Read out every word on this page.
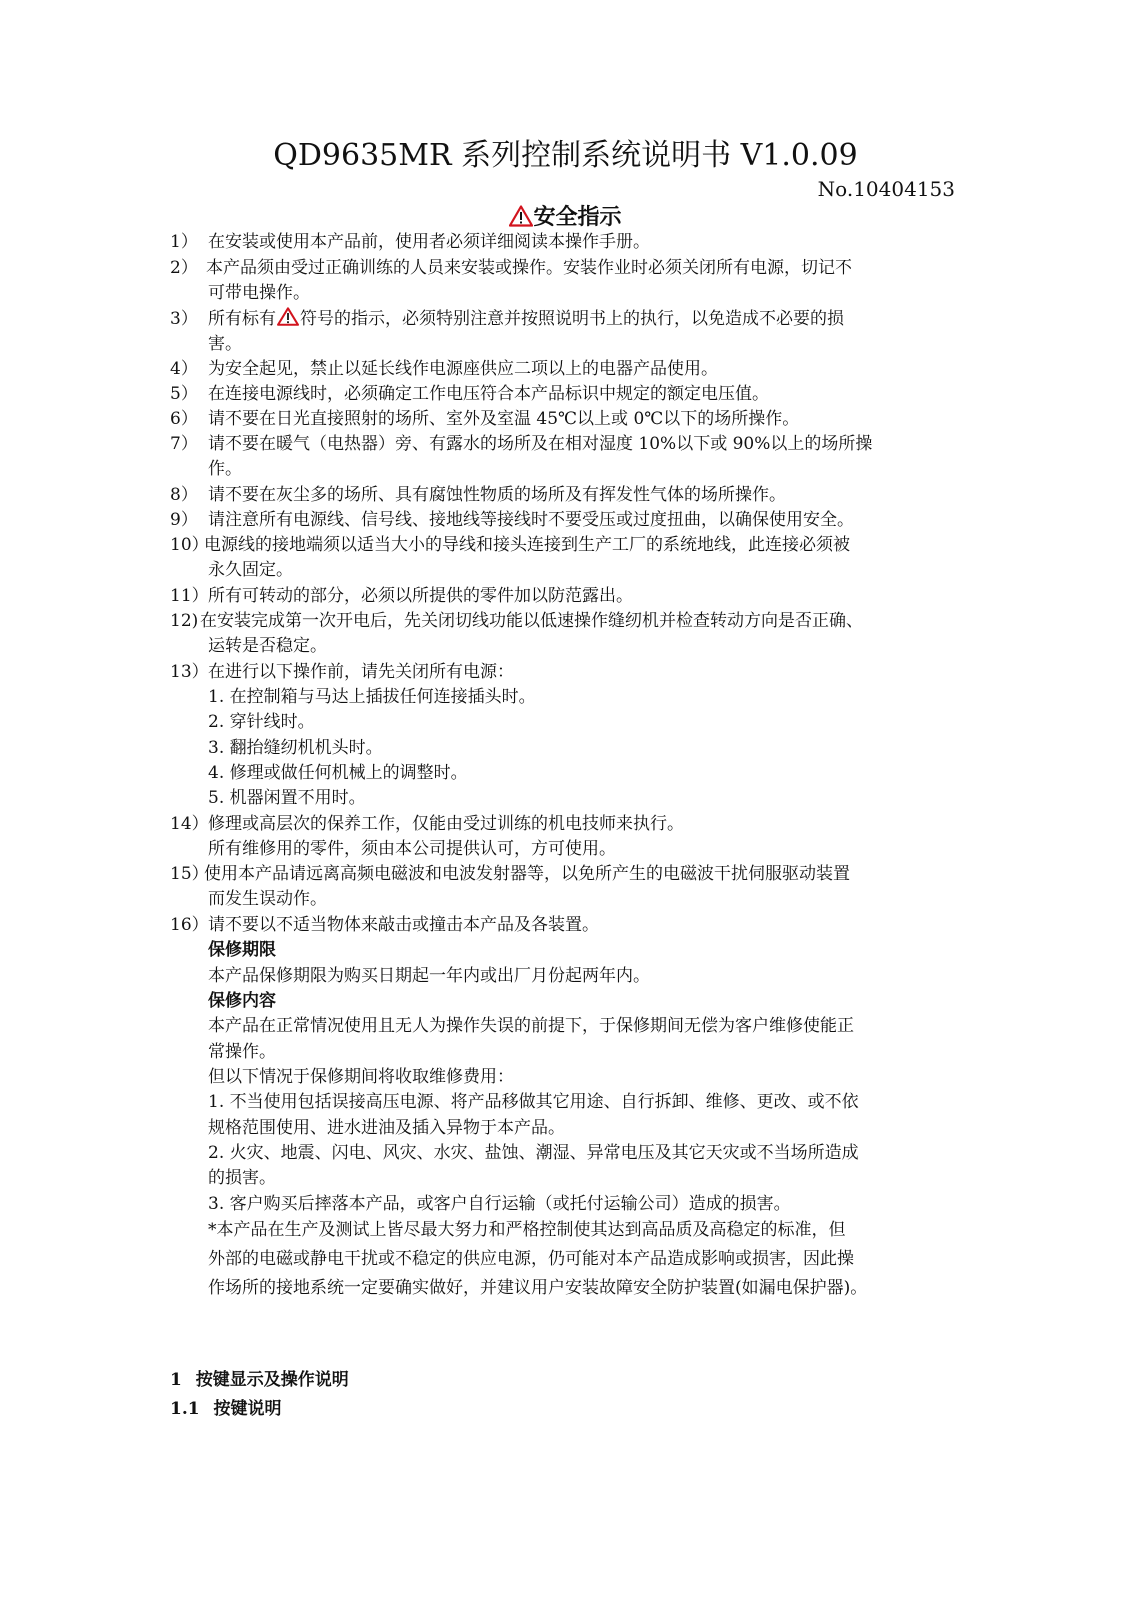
QD9635MR 系列控制系统说明书 V1.0.09
No.10404153
安全指示
1） 在安装或使用本产品前，使用者必须详细阅读本操作手册。
2） 本产品须由受过正确训练的人员来安装或操作。安装作业时必须关闭所有电源，切记不
可带电操作。
3） 所有标有 符号的指示，必须特别注意并按照说明书上的执行，以免造成不必要的损
害。
4） 为安全起见，禁止以延长线作电源座供应二项以上的电器产品使用。
5） 在连接电源线时，必须确定工作电压符合本产品标识中规定的额定电压值。
6） 请不要在日光直接照射的场所、室外及室温 45℃以上或 0℃以下的场所操作。
7） 请不要在暖气（电热器）旁、有露水的场所及在相对湿度 10%以下或 90%以上的场所操
作。
8） 请不要在灰尘多的场所、具有腐蚀性物质的场所及有挥发性气体的场所操作。
9） 请注意所有电源线、信号线、接地线等接线时不要受压或过度扭曲，以确保使用安全。
10）
电源线的接地端须以适当大小的导线和接头连接到生产工厂的系统地线，此连接必须被
永久固定。
11） 所有可转动的部分，必须以所提供的零件加以防范露出。
12) 在安装完成第一次开电后，先关闭切线功能以低速操作缝纫机并检查转动方向是否正确、
运转是否稳定。
13） 在进行以下操作前，请先关闭所有电源：
1. 在控制箱与马达上插拔任何连接插头时。
2. 穿针线时。
3. 翻抬缝纫机机头时。
4. 修理或做任何机械上的调整时。
5. 机器闲置不用时。
14） 修理或高层次的保养工作，仅能由受过训练的机电技师来执行。
所有维修用的零件，须由本公司提供认可，方可使用。
15）
使用本产品请远离高频电磁波和电波发射器等，以免所产生的电磁波干扰伺服驱动装置
而发生误动作。
16） 请不要以不适当物体来敲击或撞击本产品及各装置。
保修期限
本产品保修期限为购买日期起一年内或出厂月份起两年内。
保修内容
本产品在正常情况使用且无人为操作失误的前提下，于保修期间无偿为客户维修使能正
常操作。
但以下情况于保修期间将收取维修费用：
1. 不当使用包括误接高压电源、将产品移做其它用途、自行拆卸、维修、更改、或不依
规格范围使用、进水进油及插入异物于本产品。
2. 火灾、地震、闪电、风灾、水灾、盐蚀、潮湿、异常电压及其它天灾或不当场所造成
的损害。
3. 客户购买后摔落本产品，或客户自行运输（或托付运输公司）造成的损害。
*本产品在生产及测试上皆尽最大努力和严格控制使其达到高品质及高稳定的标准，但
外部的电磁或静电干扰或不稳定的供应电源，仍可能对本产品造成影响或损害，因此操
作场所的接地系统一定要确实做好，并建议用户安装故障安全防护装置(如漏电保护器)。
1 按键显示及操作说明
1.1 按键说明
